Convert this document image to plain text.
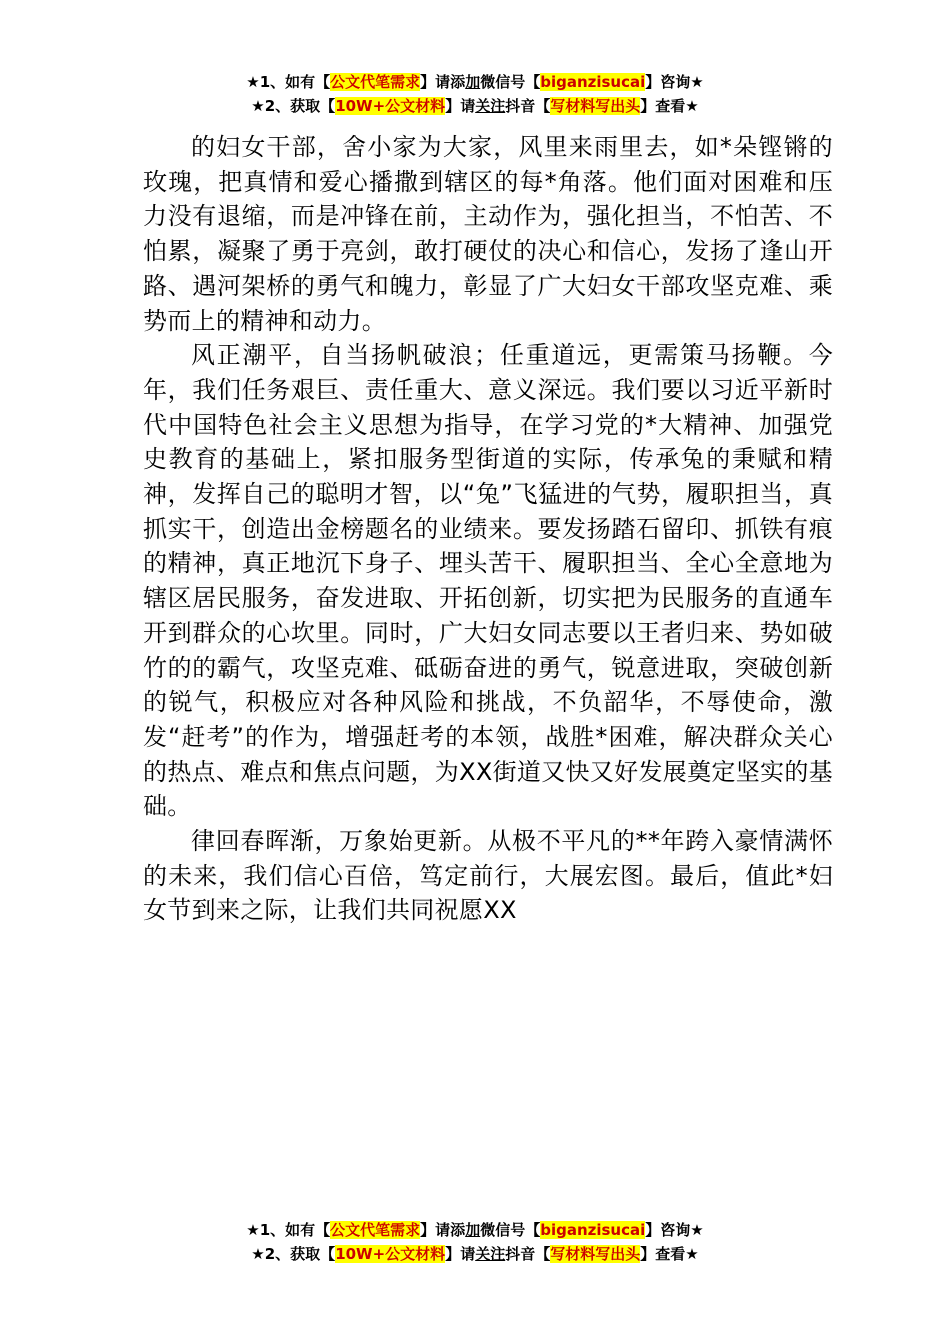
★1、如有【公文代笔需求】请添加微信号【biganzisucai】咨询★
★2、获取【10W+公文材料】请关注抖音【写材料写出头】查看★

的妇女干部，舍小家为大家，风里来雨里去，如*朵铿锵的玫瑰，把真情和爱心播撒到辖区的每*角落。他们面对困难和压力没有退缩，而是冲锋在前，主动作为，强化担当，不怕苦、不怕累，凝聚了勇于亮剑，敢打硬仗的决心和信心，发扬了逢山开路、遇河架桥的勇气和魄力，彰显了广大妇女干部攻坚克难、乘势而上的精神和动力。

风正潮平，自当扬帆破浪；任重道远，更需策马扬鞭。今年，我们任务艰巨、责任重大、意义深远。我们要以习近平新时代中国特色社会主义思想为指导，在学习党的*大精神、加强党史教育的基础上，紧扣服务型街道的实际，传承兔的秉赋和精神，发挥自己的聪明才智，以“兔”飞猛进的气势，履职担当，真抓实干，创造出金榜题名的业绩来。要发扬踏石留印、抓铁有痕的精神，真正地沉下身子、埋头苦干、履职担当、全心全意地为辖区居民服务，奋发进取、开拓创新，切实把为民服务的直通车开到群众的心坎里。同时，广大妇女同志要以王者归来、势如破竹的的霸气，攻坚克难、砥砺奋进的勇气，锐意进取，突破创新的锐气，积极应对各种风险和挑战，不负韶华，不辱使命，激发“赶考”的作为，增强赶考的本领，战胜*困难，解决群众关心的热点、难点和焦点问题，为XX街道又快又好发展奠定坚实的基础。

律回春晖渐，万象始更新。从极不平凡的**年跨入豪情满怀的未来，我们信心百倍，笃定前行，大展宏图。最后，值此*妇女节到来之际，让我们共同祝愿XX

★1、如有【公文代笔需求】请添加微信号【biganzisucai】咨询★
★2、获取【10W+公文材料】请关注抖音【写材料写出头】查看★
